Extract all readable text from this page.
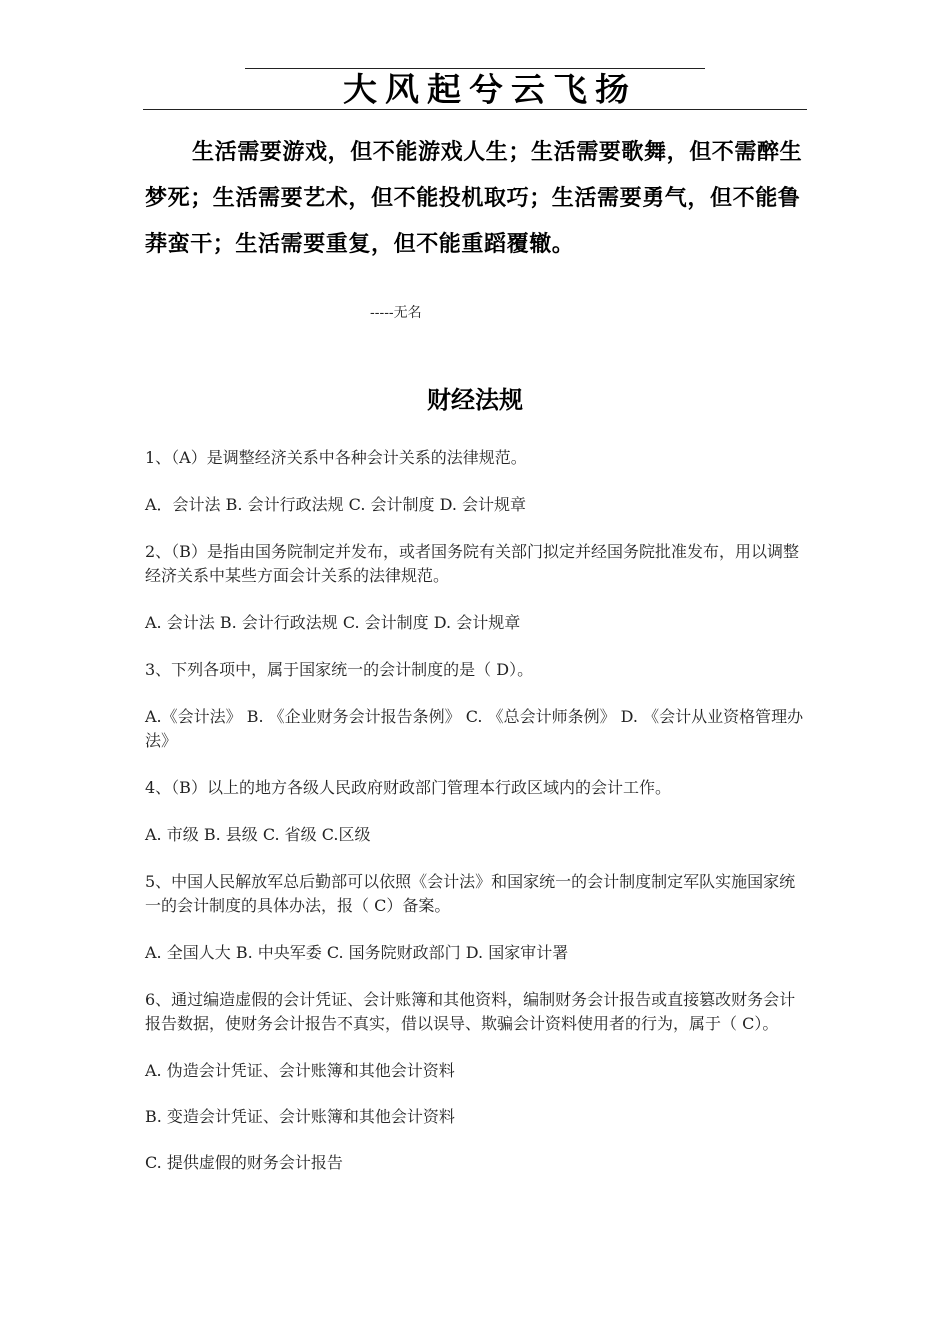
大风起兮云飞扬
生活需要游戏，但不能游戏人生；生活需要歌舞，但不需醉生梦死；生活需要艺术，但不能投机取巧；生活需要勇气，但不能鲁莽蛮干；生活需要重复，但不能重蹈覆辙。
-----无名
财经法规

1、（A）是调整经济关系中各种会计关系的法律规范。

A．会计法 B. 会计行政法规 C. 会计制度 D. 会计规章

2、（B）是指由国务院制定并发布，或者国务院有关部门拟定并经国务院批准发布，用以调整经济关系中某些方面会计关系的法律规范。

A. 会计法 B. 会计行政法规 C. 会计制度 D. 会计规章

3、下列各项中，属于国家统一的会计制度的是（ D）。

A.《会计法》 B. 《企业财务会计报告条例》 C. 《总会计师条例》 D. 《会计从业资格管理办法》

4、（B）以上的地方各级人民政府财政部门管理本行政区域内的会计工作。

A. 市级 B. 县级 C. 省级 C.区级

5、中国人民解放军总后勤部可以依照《会计法》和国家统一的会计制度制定军队实施国家统一的会计制度的具体办法，报（ C）备案。

A. 全国人大 B. 中央军委 C. 国务院财政部门 D. 国家审计署

6、通过编造虚假的会计凭证、会计账簿和其他资料，编制财务会计报告或直接篡改财务会计报告数据，使财务会计报告不真实，借以误导、欺骗会计资料使用者的行为，属于（ C）。

A. 伪造会计凭证、会计账簿和其他会计资料

B. 变造会计凭证、会计账簿和其他会计资料

C. 提供虚假的财务会计报告
